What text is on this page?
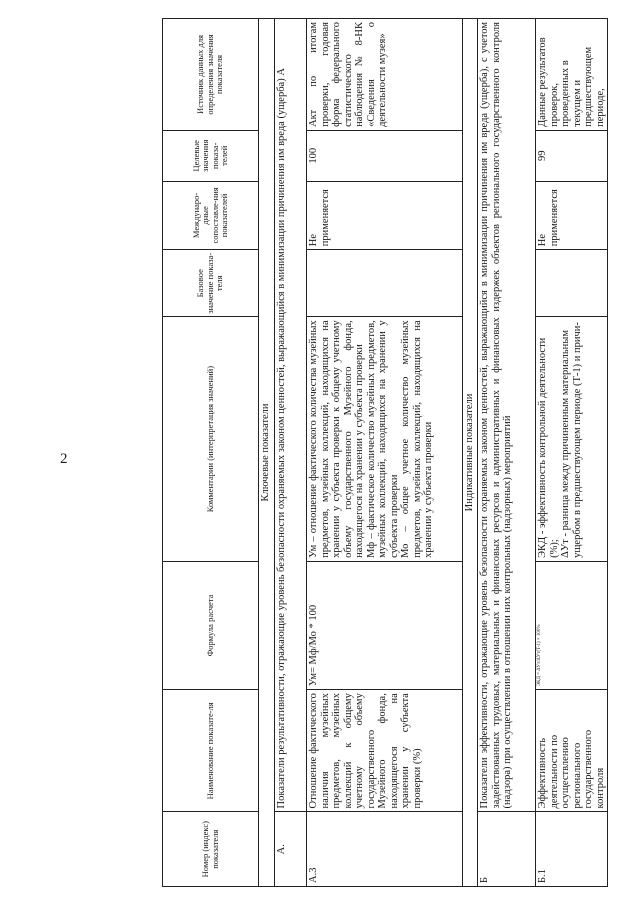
2
Номер (индекс) показателя	Наименование показате-ля	Формула расчета	Комментарии (интерпретация значений)	Базовое значение показа-теля	Междунаро-дные сопоставле-ния показателей	Целевые значения показа-телей	Источник данных для определения значения показателя
Ключевые показатели							
А.	Показатели результативности, отражающие уровень безопасности охраняемых законом ценностей, выражающийся в минимизации причинения им вреда (ущерба) А						
А.3	Отношение фактического наличия музейных предметов, музейных коллекций к общему учетному объему государственного Музейного фонда, находящегося на хранении у субъекта проверки (%)	Ум= Мф/Мо * 100	Ум – отношение фактического количества музейных предметов, музейных коллекций, находящихся на хранении у субъекта проверки к общему учетному объему государственного Музейного фонда, находящегося на хранении у субъекта проверки Мф – фактическое количество музейных предметов, музейных коллекций, находящихся на хранении у субъекта проверки Мо – общее учетное количество музейных предметов, музейных коллекций, находящихся на хранении у субъекта проверки		Не применяется	100	Акт по итогам проверки, годовая форма федерального статистического наблюдения № 8-НК «Сведения о деятельности музея»
Индикативные показатели							
Б	Показатели эффективности, отражающие уровень безопасности охраняемых законом ценностей, выражающийся в минимизации причинения им вреда (ущерба), с учетом задействованных трудовых, материальных и финансовых ресурсов и административных и финансовых издержек объектов регионального государственного контроля (надзора) при осуществлении в отношении них контрольных (надзорных) мероприятий						
Б.1	Эффективность деятельности по осуществлению регионального государственного контроля	ЭКД = ΔУт/ΔУт(T-1) × 100%	ЭКД - эффективность контрольной деятельности (%); ΔУт - разница между причиненным материальным ущербом в предшествующем периоде (Т-1) и причи-		Не применяется	99	Данные результатов проверок, проведенных в текущем и предшествующем периоде,
